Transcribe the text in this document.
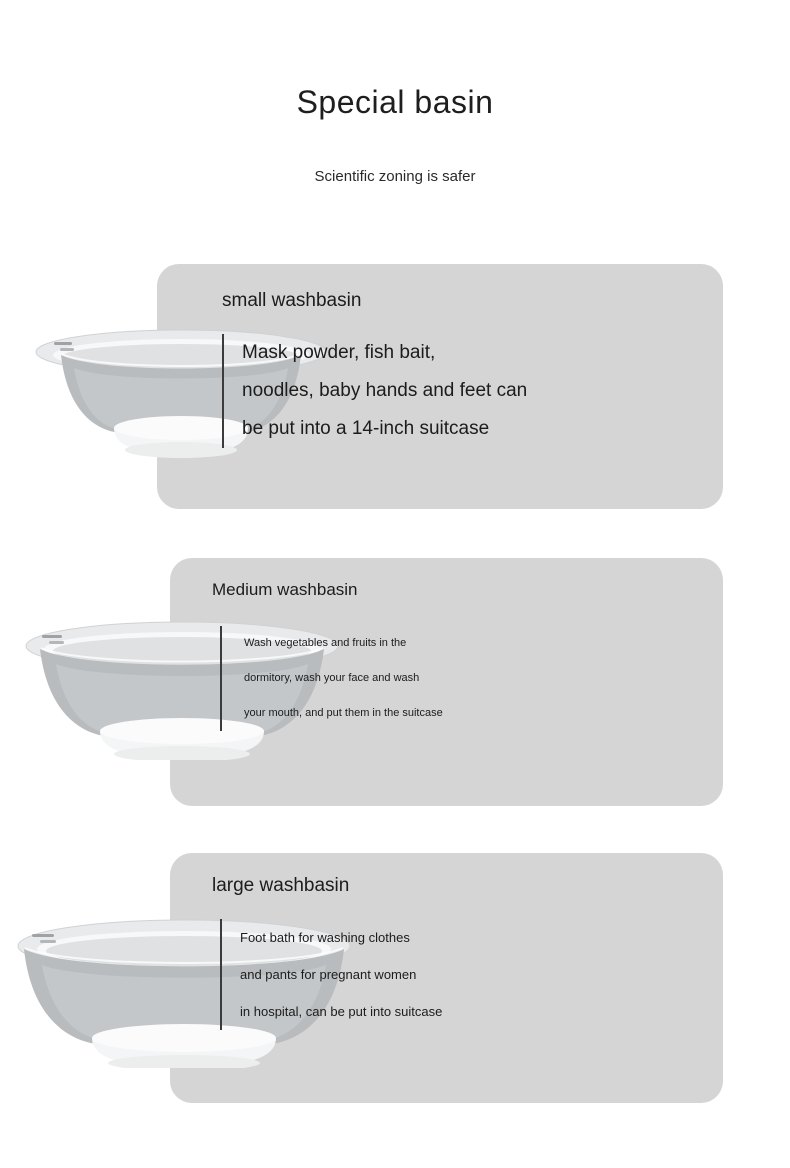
Special basin

Scientific zoning is safer

small washbasin
Mask powder, fish bait,
noodles, baby hands and feet can
be put into a 14-inch suitcase
Medium washbasin
Wash vegetables and fruits in the
dormitory, wash your face and wash
your mouth, and put them in the suitcase
large washbasin
Foot bath for washing clothes
and pants for pregnant women
in hospital, can be put into suitcase
